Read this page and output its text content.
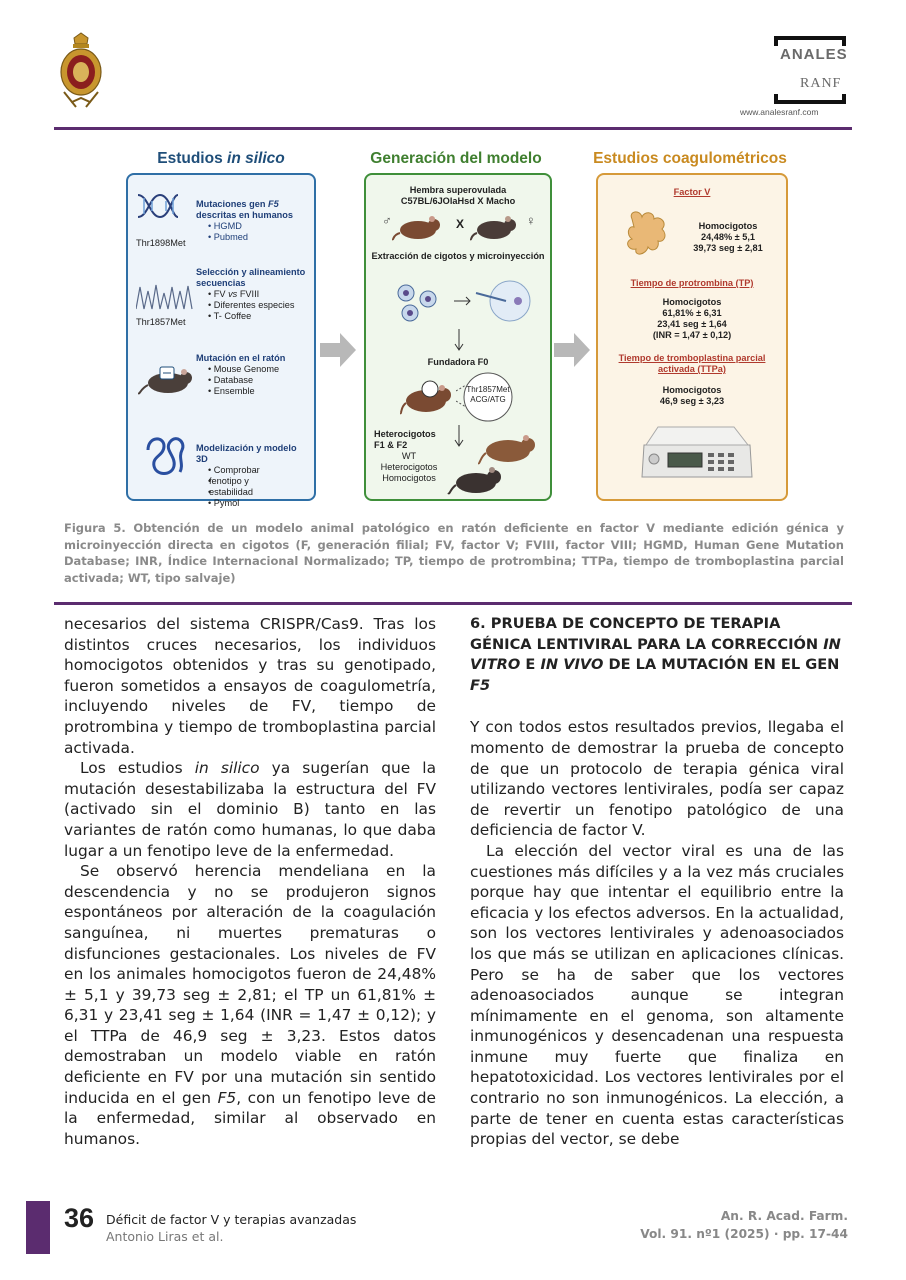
ANALES
RANF
www.analesranf.com
Estudios in silico
Mutaciones gen F5 descritas en humanos
• HGMD
• Pubmed
Thr1898Met
Selección y alineamiento secuencias
• FV vs FVIII
• Diferentes especies
• T- Coffee
Thr1857Met
Mutación en el ratón
• Mouse Genome
• Database
• Ensemble
Modelización y modelo 3D
• Comprobar
• fenotipo y
• estabilidad
• Pymol
Generación del modelo
Hembra superovulada
C57BL/6JOlaHsd X Macho
♂	X	♀
Extracción de cigotos y microinyección
Fundadora F0
Thr1857Met
ACG/ATG
Heterocigotos
F1 & F2
WT
Heterocigotos
Homocigotos
Estudios coagulométricos
Factor V
Homocigotos
24,48% ± 5,1
39,73 seg ± 2,81
Tiempo de protrombina (TP)
Homocigotos
61,81% ± 6,31
23,41 seg ± 1,64
(INR = 1,47 ± 0,12)
Tiempo de tromboplastina parcial
activada (TTPa)
Homocigotos
46,9 seg ± 3,23
Figura 5. Obtención de un modelo animal patológico en ratón deficiente en factor V mediante edición génica y microinyección directa en cigotos (F, generación filial; FV, factor V; FVIII, factor VIII; HGMD, Human Gene Mutation Database; INR, Índice Internacional Normalizado; TP, tiempo de protrombina; TTPa, tiempo de tromboplastina parcial activada; WT, tipo salvaje)

necesarios del sistema CRISPR/Cas9. Tras los distintos cruces necesarios, los individuos homocigotos obtenidos y tras su genotipado, fueron sometidos a ensayos de coagulometría, incluyendo niveles de FV, tiempo de protrombina y tiempo de tromboplastina parcial activada.

Los estudios in silico ya sugerían que la mutación desestabilizaba la estructura del FV (activado sin el dominio B) tanto en las variantes de ratón como humanas, lo que daba lugar a un fenotipo leve de la enfermedad.

Se observó herencia mendeliana en la descendencia y no se produjeron signos espontáneos por alteración de la coagulación sanguínea, ni muertes prematuras o disfunciones gestacionales. Los niveles de FV en los animales homocigotos fueron de 24,48% ± 5,1 y 39,73 seg ± 2,81; el TP un 61,81% ± 6,31 y 23,41 seg ± 1,64 (INR = 1,47 ± 0,12); y el TTPa de 46,9 seg ± 3,23. Estos datos demostraban un modelo viable en ratón deficiente en FV por una mutación sin sentido inducida en el gen F5, con un fenotipo leve de la enfermedad, similar al observado en humanos.

6. PRUEBA DE CONCEPTO DE TERAPIA GÉNICA LENTIVIRAL PARA LA CORRECCIÓN IN VITRO E IN VIVO DE LA MUTACIÓN EN EL GEN F5

Y con todos estos resultados previos, llegaba el momento de demostrar la prueba de concepto de que un protocolo de terapia génica viral utilizando vectores lentivirales, podía ser capaz de revertir un fenotipo patológico de una deficiencia de factor V.

La elección del vector viral es una de las cuestiones más difíciles y a la vez más cruciales porque hay que intentar el equilibrio entre la eficacia y los efectos adversos. En la actualidad, son los vectores lentivirales y adenoasociados los que más se utilizan en aplicaciones clínicas. Pero se ha de saber que los vectores adenoasociados aunque se integran mínimamente en el genoma, son altamente inmunogénicos y desencadenan una respuesta inmune muy fuerte que finaliza en hepatotoxicidad. Los vectores lentivirales por el contrario no son inmunogénicos. La elección, a parte de tener en cuenta estas características propias del vector, se debe

36 Déficit de factor V y terapias avanzadas
Antonio Liras et al.
An. R. Acad. Farm.
Vol. 91. nº1 (2025) · pp. 17-44
